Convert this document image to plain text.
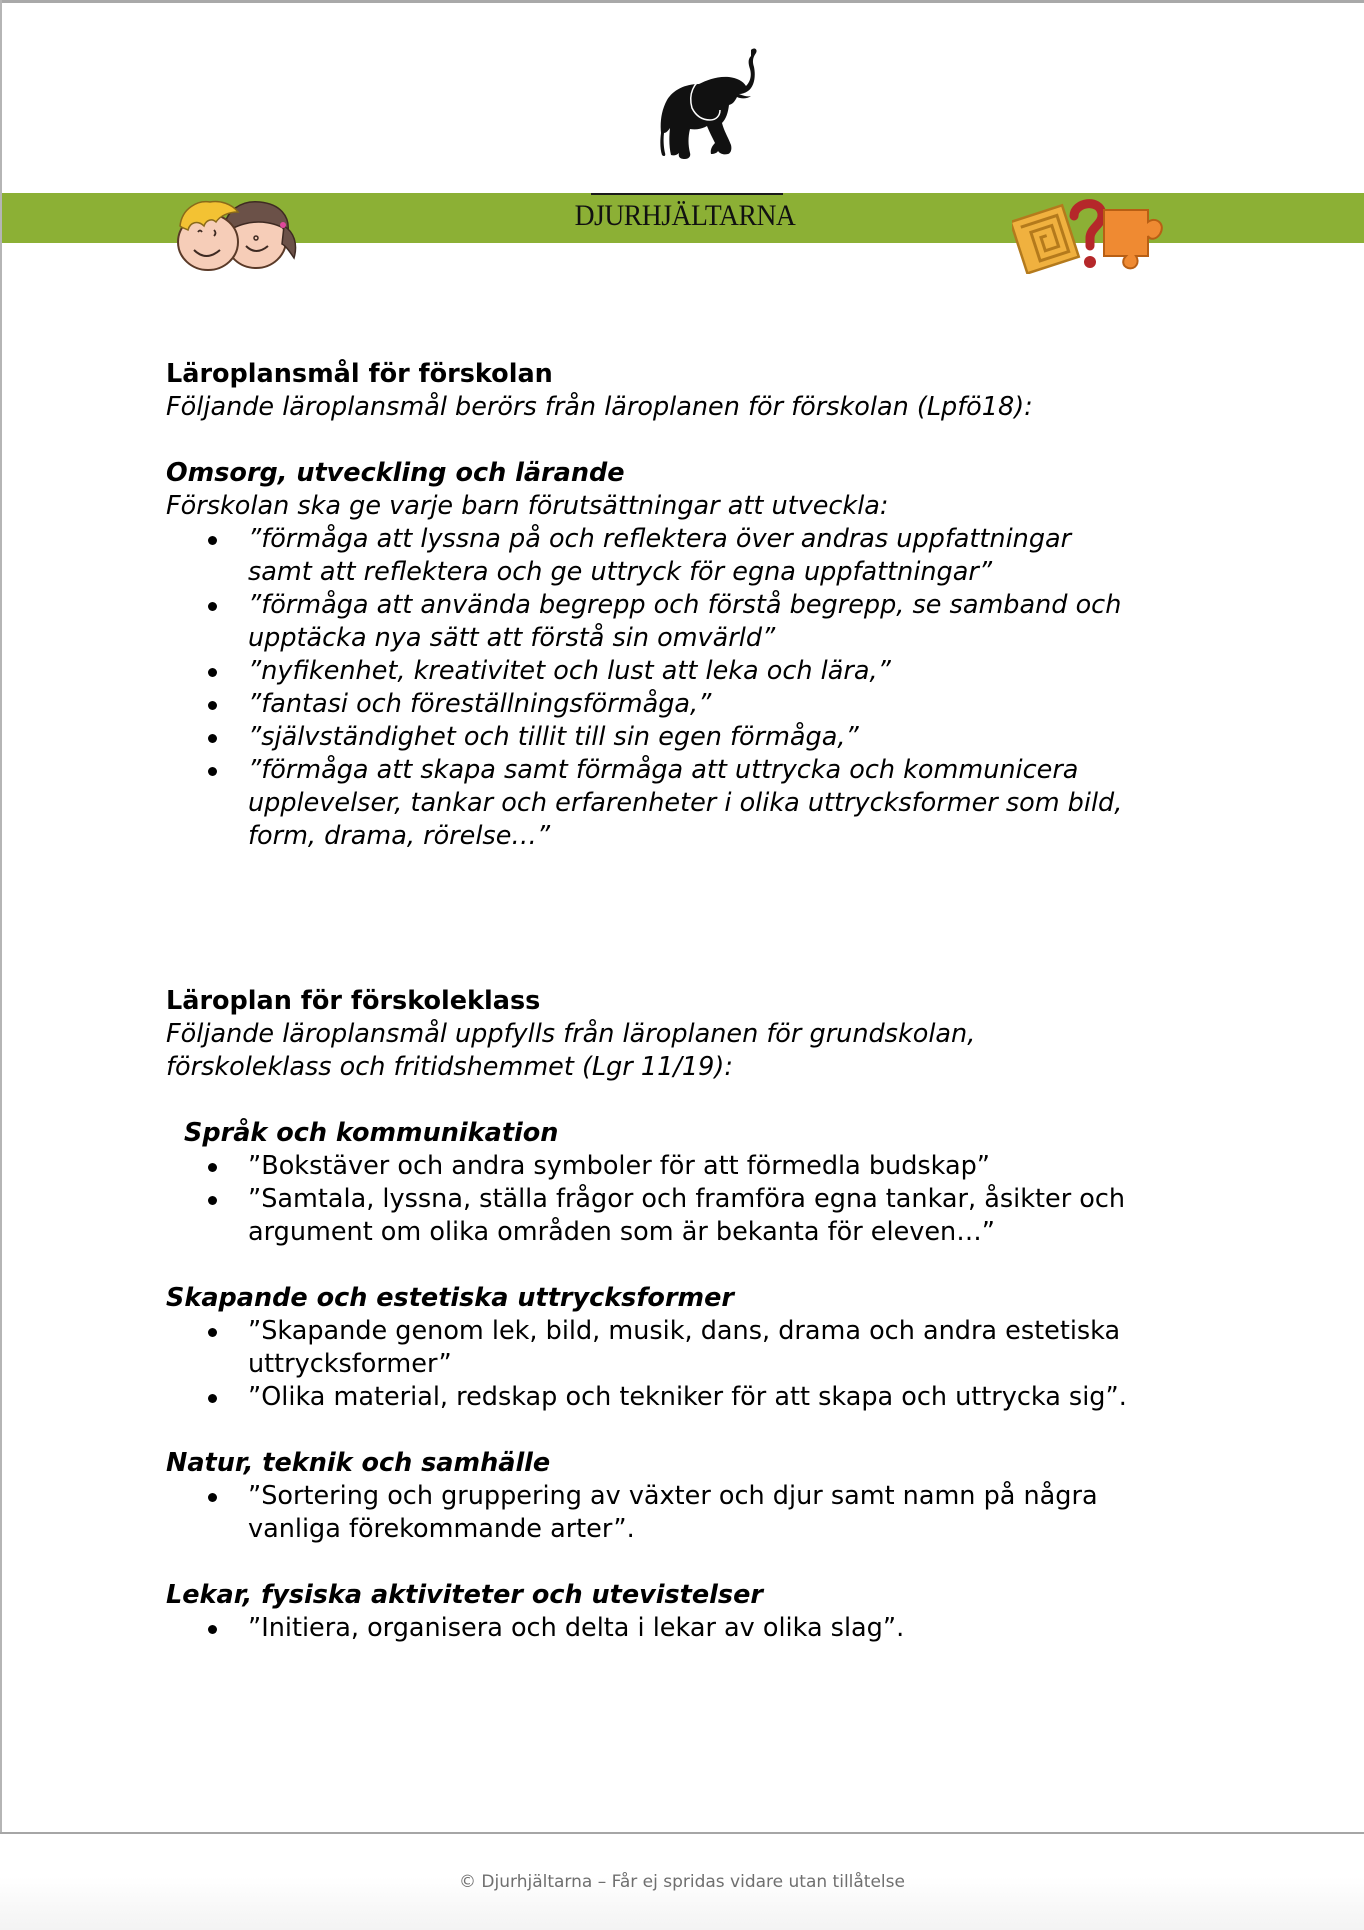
DJURHJÄLTARNA
Läroplansmål för förskolan
Följande läroplansmål berörs från läroplanen för förskolan (Lpfö18):
Omsorg, utveckling och lärande
Förskolan ska ge varje barn förutsättningar att utveckla:
”förmåga att lyssna på och reflektera över andras uppfattningar
samt att reflektera och ge uttryck för egna uppfattningar”
”förmåga att använda begrepp och förstå begrepp, se samband och
upptäcka nya sätt att förstå sin omvärld”
”nyfikenhet, kreativitet och lust att leka och lära,”
”fantasi och föreställningsförmåga,”
”självständighet och tillit till sin egen förmåga,”
”förmåga att skapa samt förmåga att uttrycka och kommunicera
upplevelser, tankar och erfarenheter i olika uttrycksformer som bild,
form, drama, rörelse…”
Läroplan för förskoleklass
Följande läroplansmål uppfylls från läroplanen för grundskolan,
förskoleklass och fritidshemmet (Lgr 11/19):
Språk och kommunikation
”Bokstäver och andra symboler för att förmedla budskap”
”Samtala, lyssna, ställa frågor och framföra egna tankar, åsikter och
argument om olika områden som är bekanta för eleven…”
Skapande och estetiska uttrycksformer
”Skapande genom lek, bild, musik, dans, drama och andra estetiska
uttrycksformer”
”Olika material, redskap och tekniker för att skapa och uttrycka sig”.
Natur, teknik och samhälle
”Sortering och gruppering av växter och djur samt namn på några
vanliga förekommande arter”.
Lekar, fysiska aktiviteter och utevistelser
”Initiera, organisera och delta i lekar av olika slag”.
© Djurhjältarna – Får ej spridas vidare utan tillåtelse
